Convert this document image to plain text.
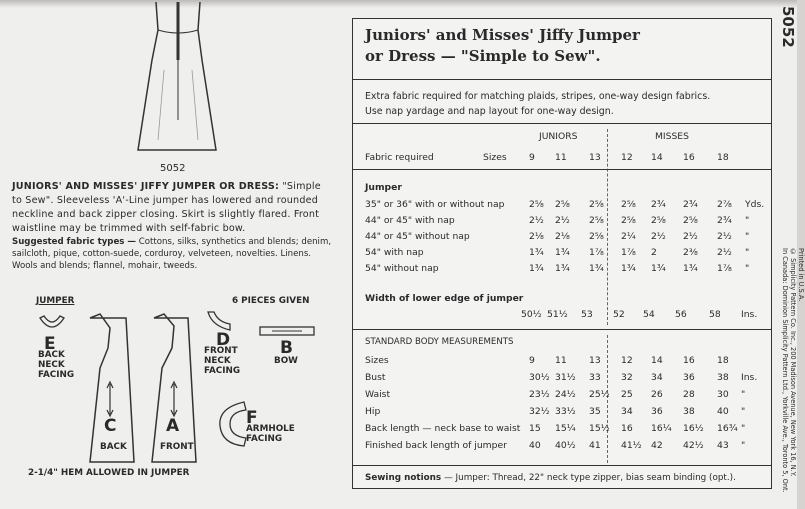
5052
JUNIORS' AND MISSES' JIFFY JUMPER OR DRESS: "Simple to Sew". Sleeveless 'A'-Line jumper has lowered and rounded neckline and back zipper closing. Skirt is slightly flared. Front waistline may be trimmed with self-fabric bow.
Suggested fabric types — Cottons, silks, synthetics and blends; denim, sailcloth, pique, cotton-suede, corduroy, velveteen, novelties. Linens. Wools and blends; flannel, mohair, tweeds.
JUMPER	6 PIECES GIVEN
E
BACK NECK FACING
C
BACK
A
FRONT
D
FRONT NECK FACING
B
BOW
F
ARMHOLE FACING
2-1/4" HEM ALLOWED IN JUMPER
Juniors' and Misses' Jiffy Jumper
or Dress — "Simple to Sew".
Extra fabric required for matching plaids, stripes, one-way design fabrics.
Use nap yardage and nap layout for one-way design.
JUNIORS	MISSES
Fabric required	Sizes
Jumper
Width of lower edge of jumper
STANDARD BODY MEASUREMENTS
Sewing notions — Jumper: Thread, 22" neck type zipper, bias seam binding (opt.).
9 11 13 12 14 16 18
35" or 36" with or without nap	2⅝ 2⅝ 2⅝ 2⅝ 2¾ 2¾ 2⅞ Yds.
44" or 45" with nap	2½ 2½ 2⅝ 2⅝ 2⅝ 2⅝ 2¾ "
44" or 45" without nap	2⅛ 2⅛ 2⅝ 2¼ 2½ 2½ 2½ "
54" with nap	1¾ 1¾ 1⅞ 1⅞ 2	2⅜ 2½ "
54" without nap	1¾ 1¾ 1¾ 1¾ 1¾ 1¾ 1⅞ "
50½ 51½ 53 52 54 56 58 Ins.
Sizes	9 11 13 12 14 16 18
Bust	30½ 31½ 33 32 34 36 38 Ins.
Waist	23½ 24½ 25½ 25 26 28 30 "
Hip	32½ 33½ 35 34 36 38 40 "
Back length — neck base to waist 15 15¼ 15½ 16 16¼ 16½ 16¾ "
Finished back length of jumper 40 40½ 41 41½ 42 42½ 43 "
5052
Printed in U.S.A.
© Simplicity Pattern Co. Inc., 200 Madison Avenue, New York 16, N.Y.
In Canada: Dominion Simplicity Pattern Ltd., Yorkville Ave., Toronto 5, Ont.
